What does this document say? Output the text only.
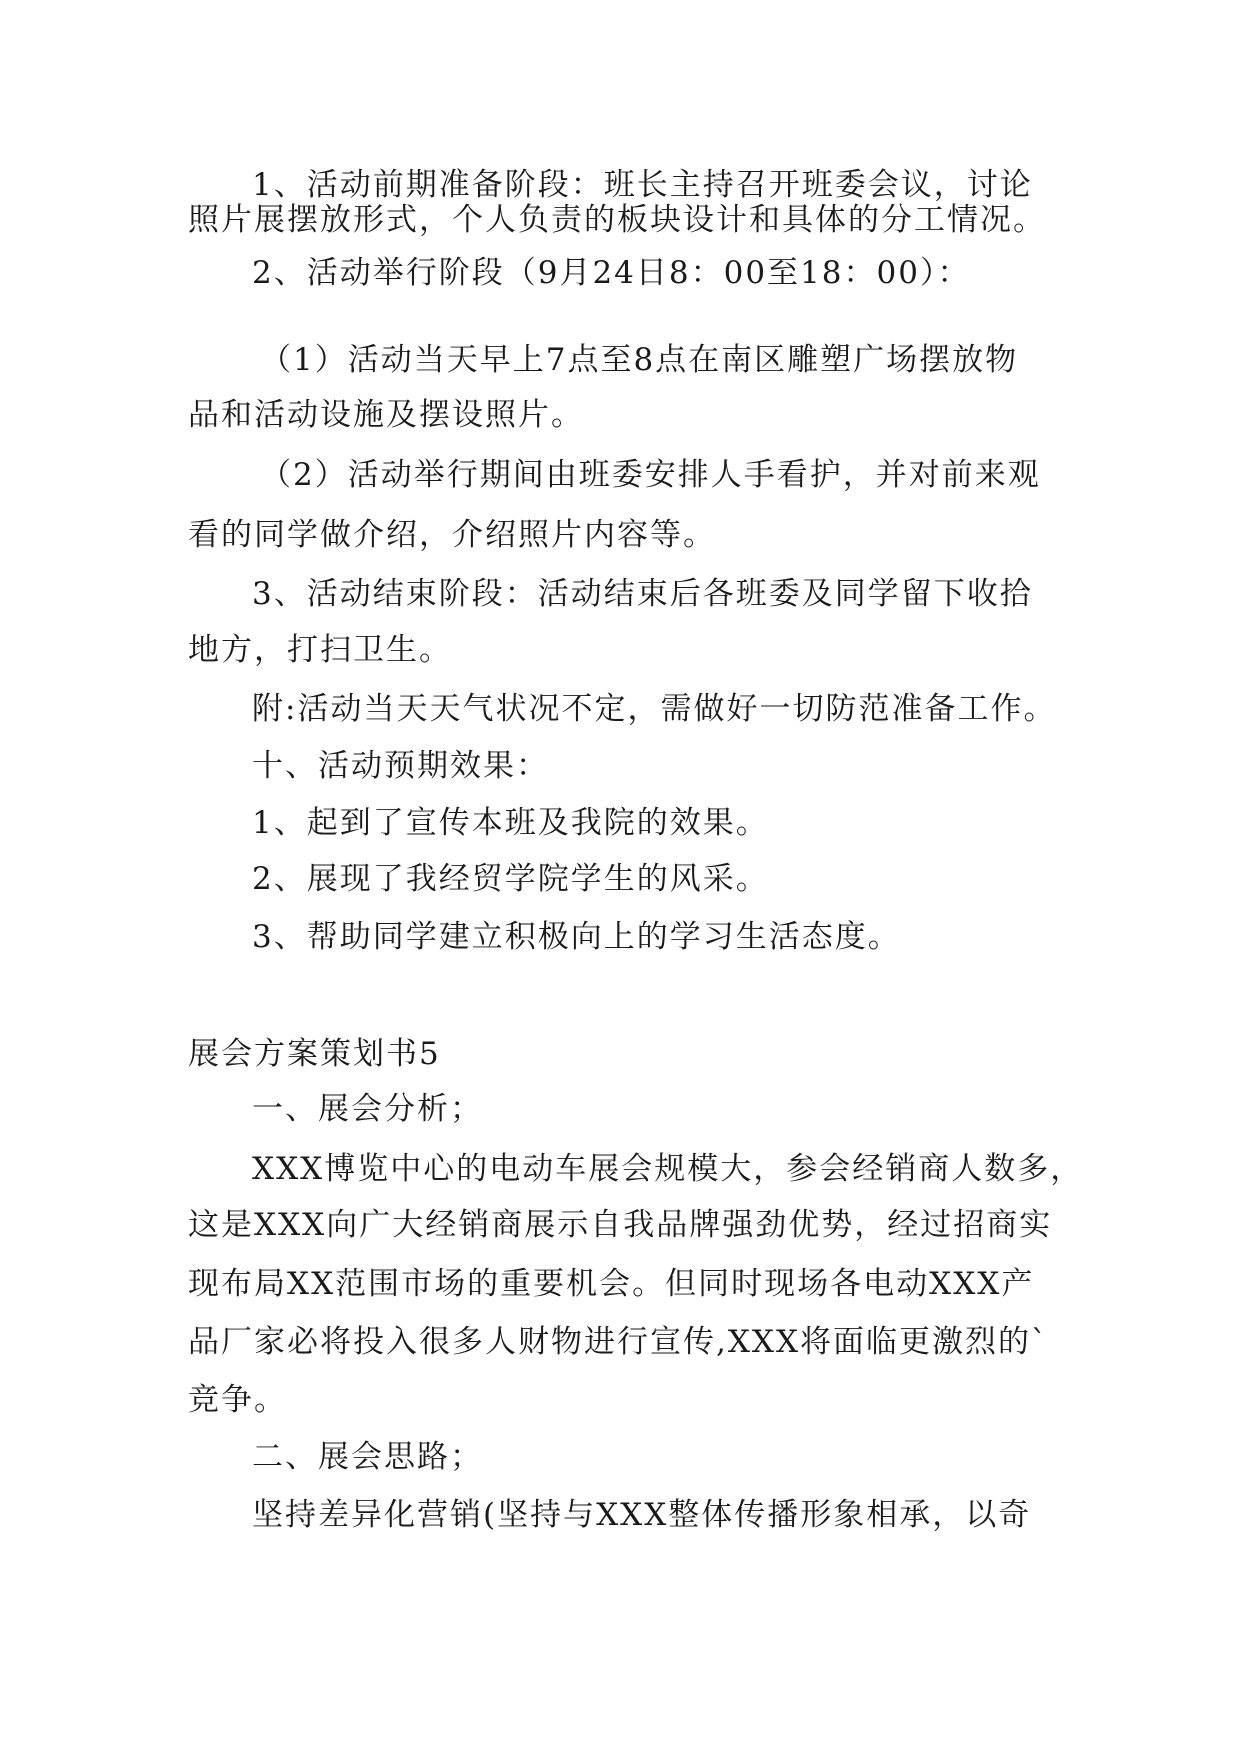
1、活动前期准备阶段：班长主持召开班委会议，讨论
照片展摆放形式，个人负责的板块设计和具体的分工情况。
2、活动举行阶段（9月24日8：00至18：00）：
（1）活动当天早上7点至8点在南区雕塑广场摆放物
品和活动设施及摆设照片。
（2）活动举行期间由班委安排人手看护，并对前来观
看的同学做介绍，介绍照片内容等。
3、活动结束阶段：活动结束后各班委及同学留下收拾
地方，打扫卫生。
附:活动当天天气状况不定，需做好一切防范准备工作。
十、活动预期效果：
1、起到了宣传本班及我院的效果。
2、展现了我经贸学院学生的风采。
3、帮助同学建立积极向上的学习生活态度。
展会方案策划书5
一、展会分析；
XXX博览中心的电动车展会规模大，参会经销商人数多，
这是XXX向广大经销商展示自我品牌强劲优势，经过招商实
现布局XX范围市场的重要机会。但同时现场各电动XXX产
品厂家必将投入很多人财物进行宣传,XXX将面临更激烈的`
竞争。
二、展会思路；
坚持差异化营销(坚持与XXX整体传播形象相承，以奇
